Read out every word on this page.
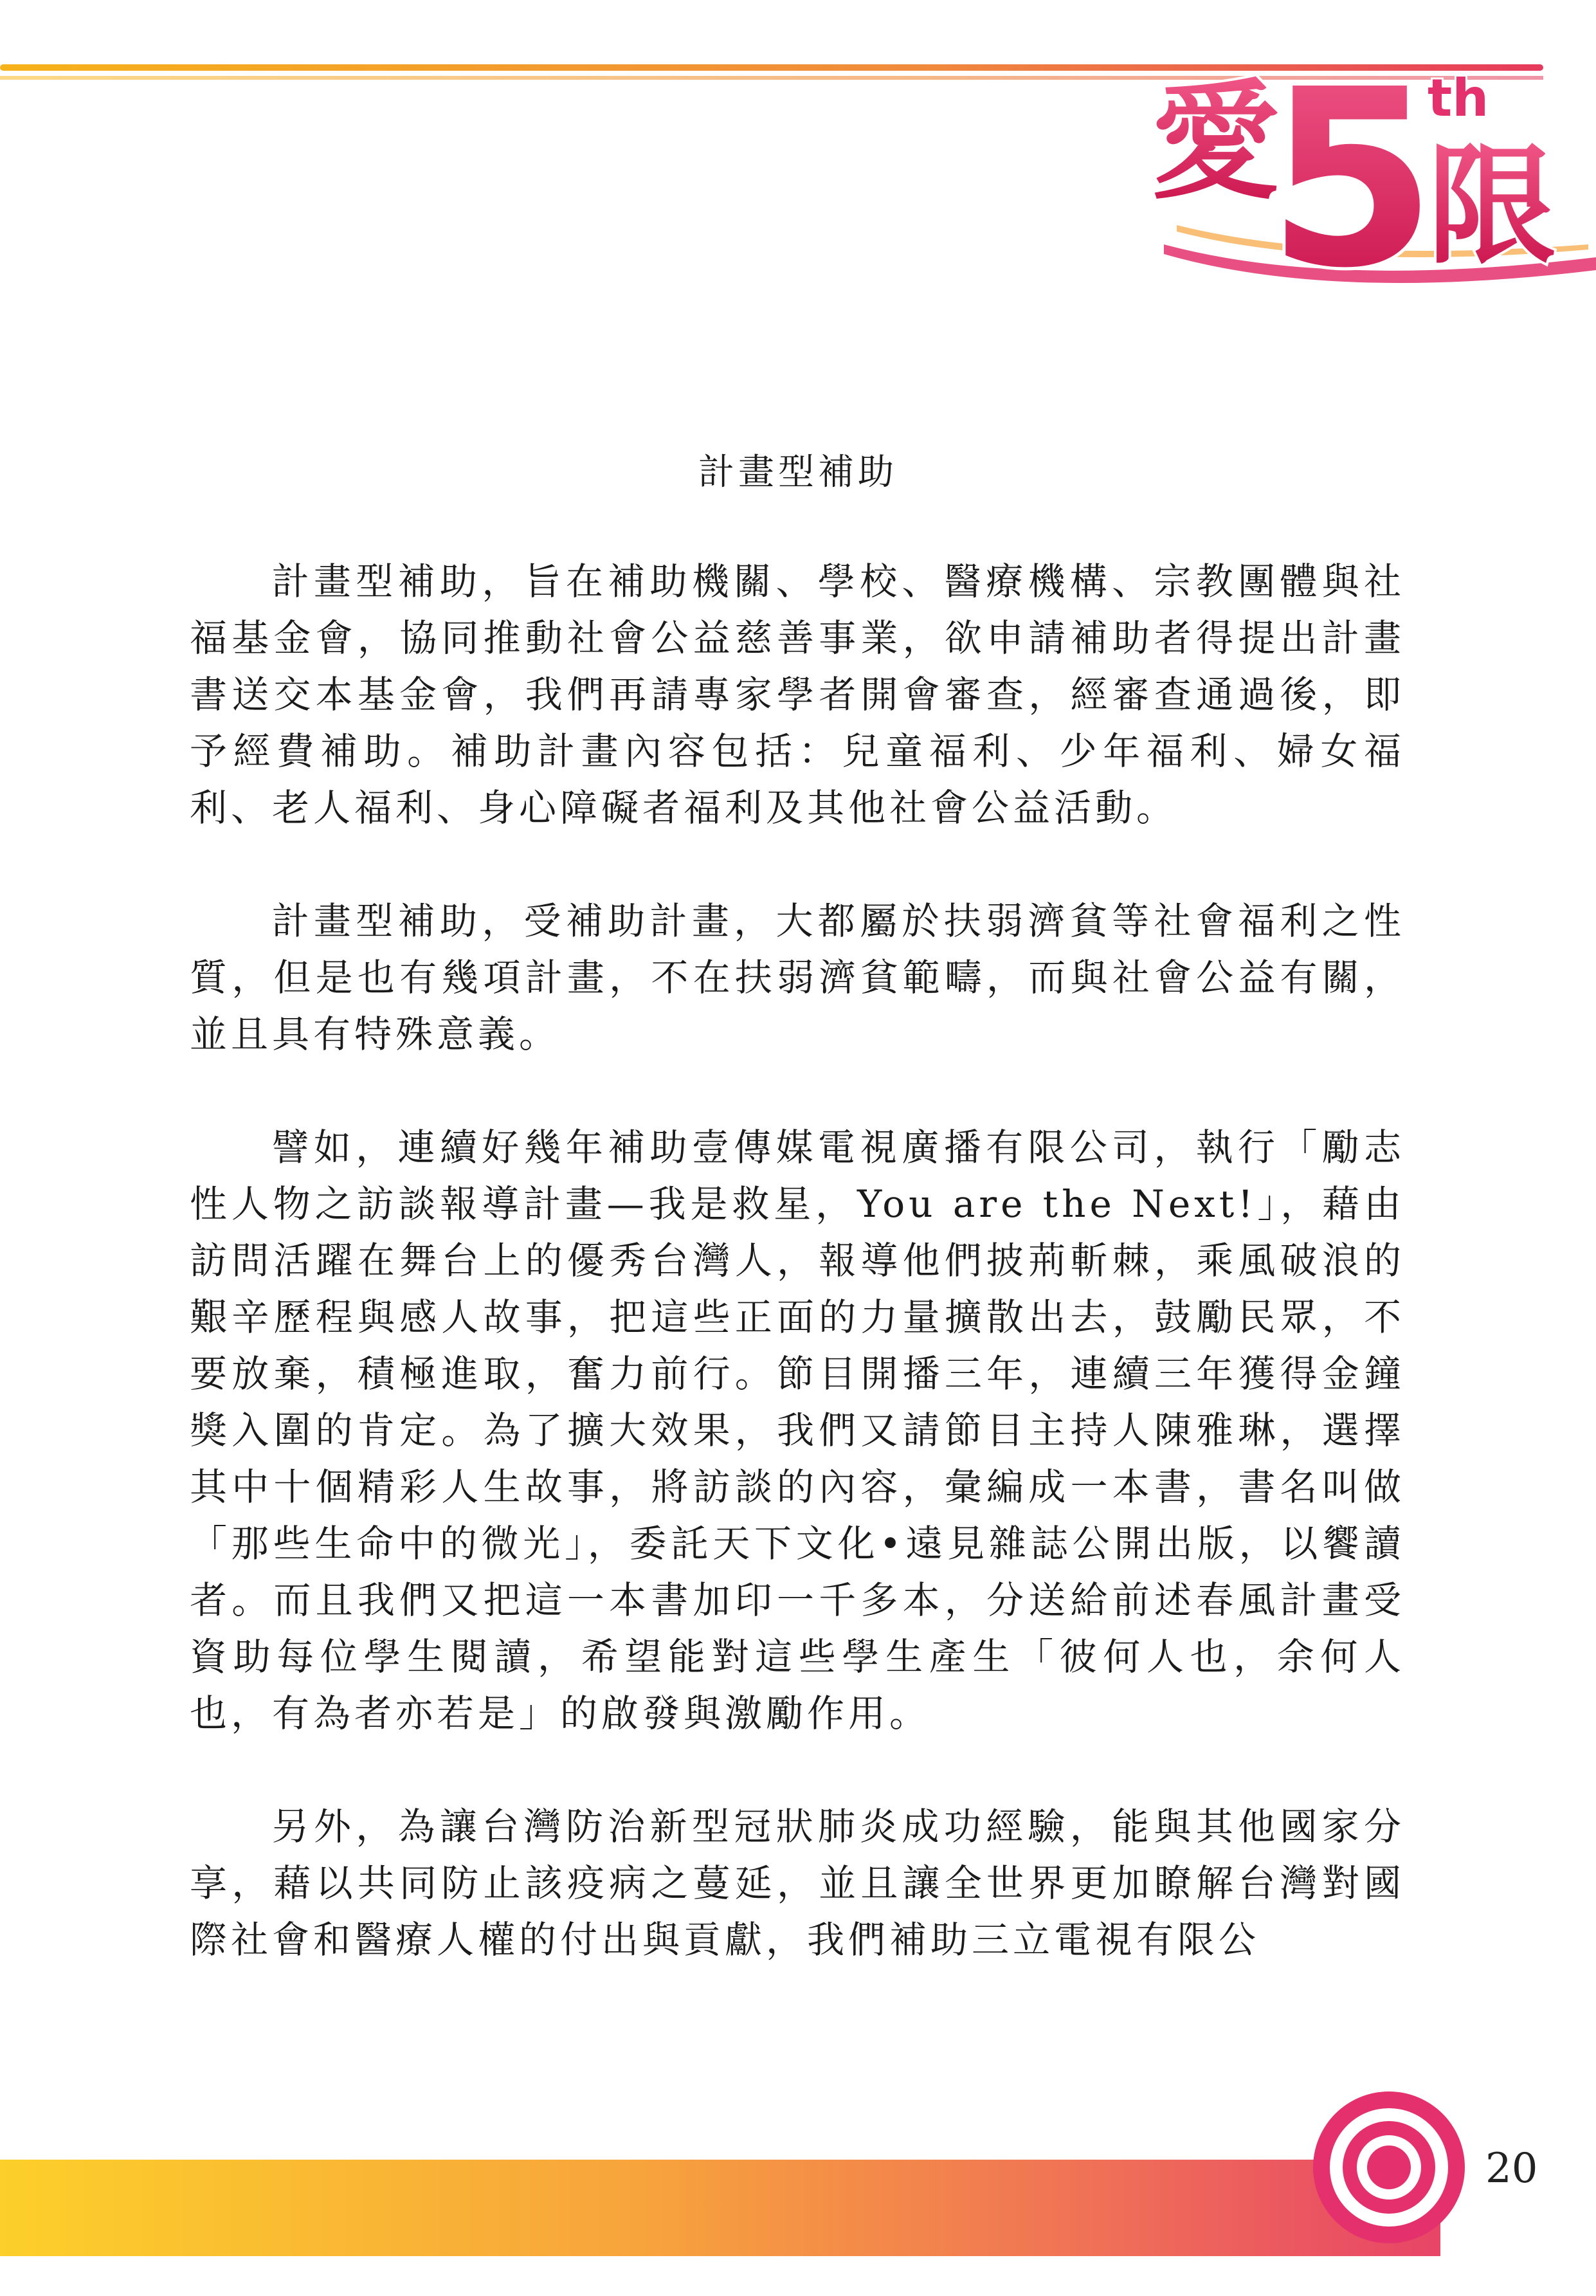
愛
5
th
限
計畫型補助

計畫型補助，旨在補助機關、學校、醫療機構、宗教團體與社福基金會，協同推動社會公益慈善事業，欲申請補助者得提出計畫書送交本基金會，我們再請專家學者開會審查，經審查通過後，即予經費補助。補助計畫內容包括：兒童福利、少年福利、婦女福利、老人福利、身心障礙者福利及其他社會公益活動。

計畫型補助，受補助計畫，大都屬於扶弱濟貧等社會福利之性質，但是也有幾項計畫，不在扶弱濟貧範疇，而與社會公益有關，並且具有特殊意義。

譬如，連續好幾年補助壹傳媒電視廣播有限公司，執行「勵志性人物之訪談報導計畫—我是救星，You are the Next!」，藉由訪問活躍在舞台上的優秀台灣人，報導他們披荊斬棘，乘風破浪的艱辛歷程與感人故事，把這些正面的力量擴散出去，鼓勵民眾，不要放棄，積極進取，奮力前行。節目開播三年，連續三年獲得金鐘獎入圍的肯定。為了擴大效果，我們又請節目主持人陳雅琳，選擇其中十個精彩人生故事，將訪談的內容，彙編成一本書，書名叫做「那些生命中的微光」，委託天下文化•遠見雜誌公開出版，以饗讀者。而且我們又把這一本書加印一千多本，分送給前述春風計畫受資助每位學生閱讀，希望能對這些學生產生「彼何人也，余何人也，有為者亦若是」的啟發與激勵作用。

另外，為讓台灣防治新型冠狀肺炎成功經驗，能與其他國家分享，藉以共同防止該疫病之蔓延，並且讓全世界更加瞭解台灣對國際社會和醫療人權的付出與貢獻，我們補助三立電視有限公

20
